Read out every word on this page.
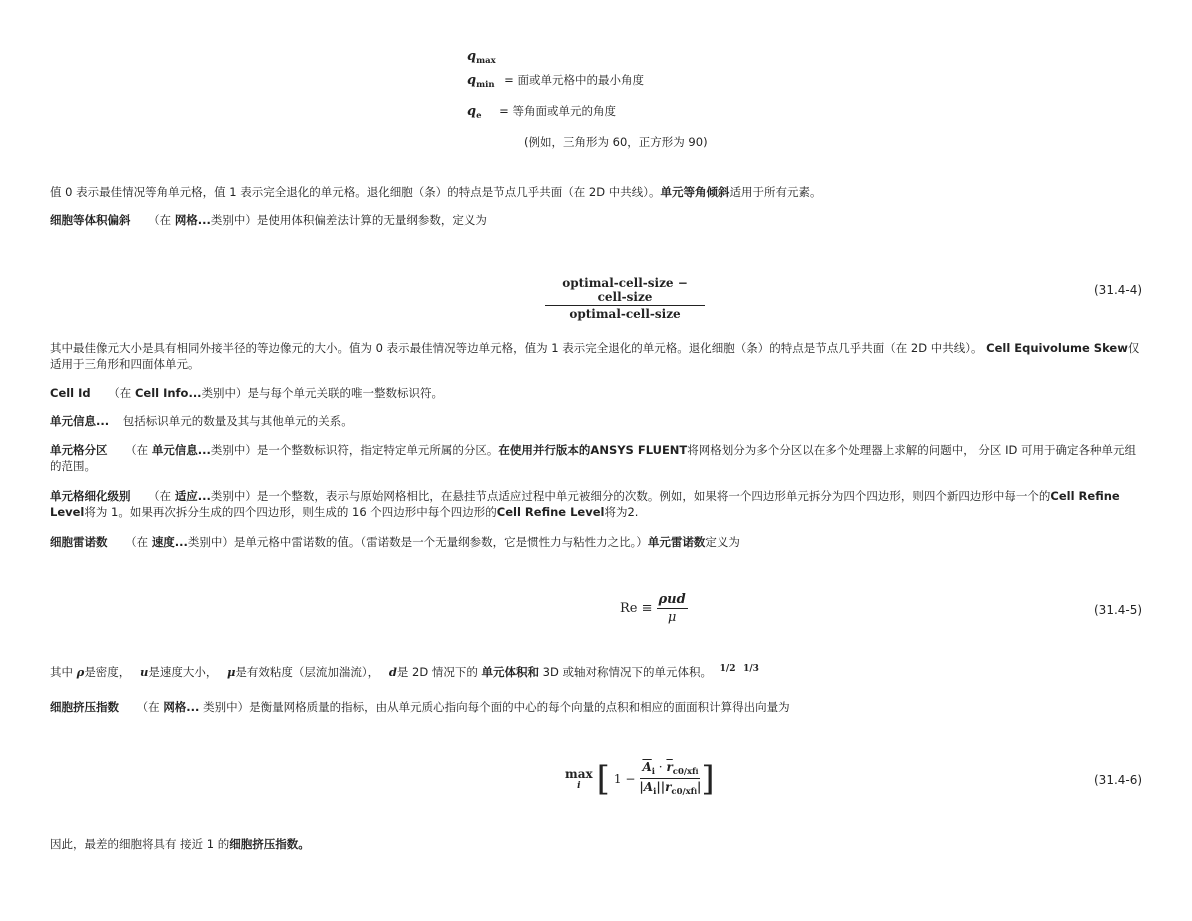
$q_{max}$
$q_{min}$ = 面或单元格中的最小角度
$q_e$ = 等角面或单元的角度
(例如，三角形为 60，正方形为 90)
值 0 表示最佳情况等角单元格，值 1 表示完全退化的单元格。退化细胞（条）的特点是节点几乎共面（在 2D 中共线）。单元等角倾斜适用于所有元素。
细胞等体积偏斜 （在 网格...类别中）是使用体积偏差法计算的无量纲参数，定义为
$\frac{\text{optimal-cell-size − cell-size}}{\text{optimal-cell-size}}$	(31.4-4)
其中最佳像元大小是具有相同外接半径的等边像元的大小。值为 0 表示最佳情况等边单元格，值为 1 表示完全退化的单元格。退化细胞（条）的特点是节点几乎共面（在 2D 中共线）。 Cell Equivolume Skew仅适用于三角形和四面体单元。
Cell Id （在 Cell Info...类别中）是与每个单元关联的唯一整数标识符。
单元信息... 包括标识单元的数量及其与其他单元的关系。
单元格分区 （在 单元信息...类别中）是一个整数标识符，指定特定单元所属的分区。在使用并行版本的ANSYS FLUENT将网格划分为多个分区以在多个处理器上求解的问题中， 分区 ID 可用于确定各种单元组的范围。
单元格细化级别 （在 适应...类别中）是一个整数，表示与原始网格相比，在悬挂节点适应过程中单元被细分的次数。例如，如果将一个四边形单元拆分为四个四边形，则四个新四边形中每一个的Cell Refine Level将为 1。如果再次拆分生成的四个四边形，则生成的 16 个四边形中每个四边形的Cell Refine Level将为2.
细胞雷诺数 （在 速度...类别中）是单元格中雷诺数的值。（雷诺数是一个无量纲参数，它是惯性力与粘性力之比。）单元雷诺数定义为
$Re \equiv \frac{\text{ρud}}{\mu}$	(31.4-5)
其中 ρ是密度， u是速度大小， μ是有效粘度（层流加湍流）， d是 2D 情况下的 单元体积和 3D 或轴对称情况下的单元体积。 $^{1/2}$ $^{1/3}$
细胞挤压指数 （在 网格... 类别中）是衡量网格质量的指标，由从单元质心指向每个面的中心的每个向量的点积和相应的面面积计算得出向量为
max
i [ $1 - \frac{\overline{A}_i \cdot \overline{r}_{c0/xfi}}{|A_i||r_{c0/xfi}|}$ ]	(31.4-6)
因此，最差的细胞将具有 接近 1 的细胞挤压指数。
